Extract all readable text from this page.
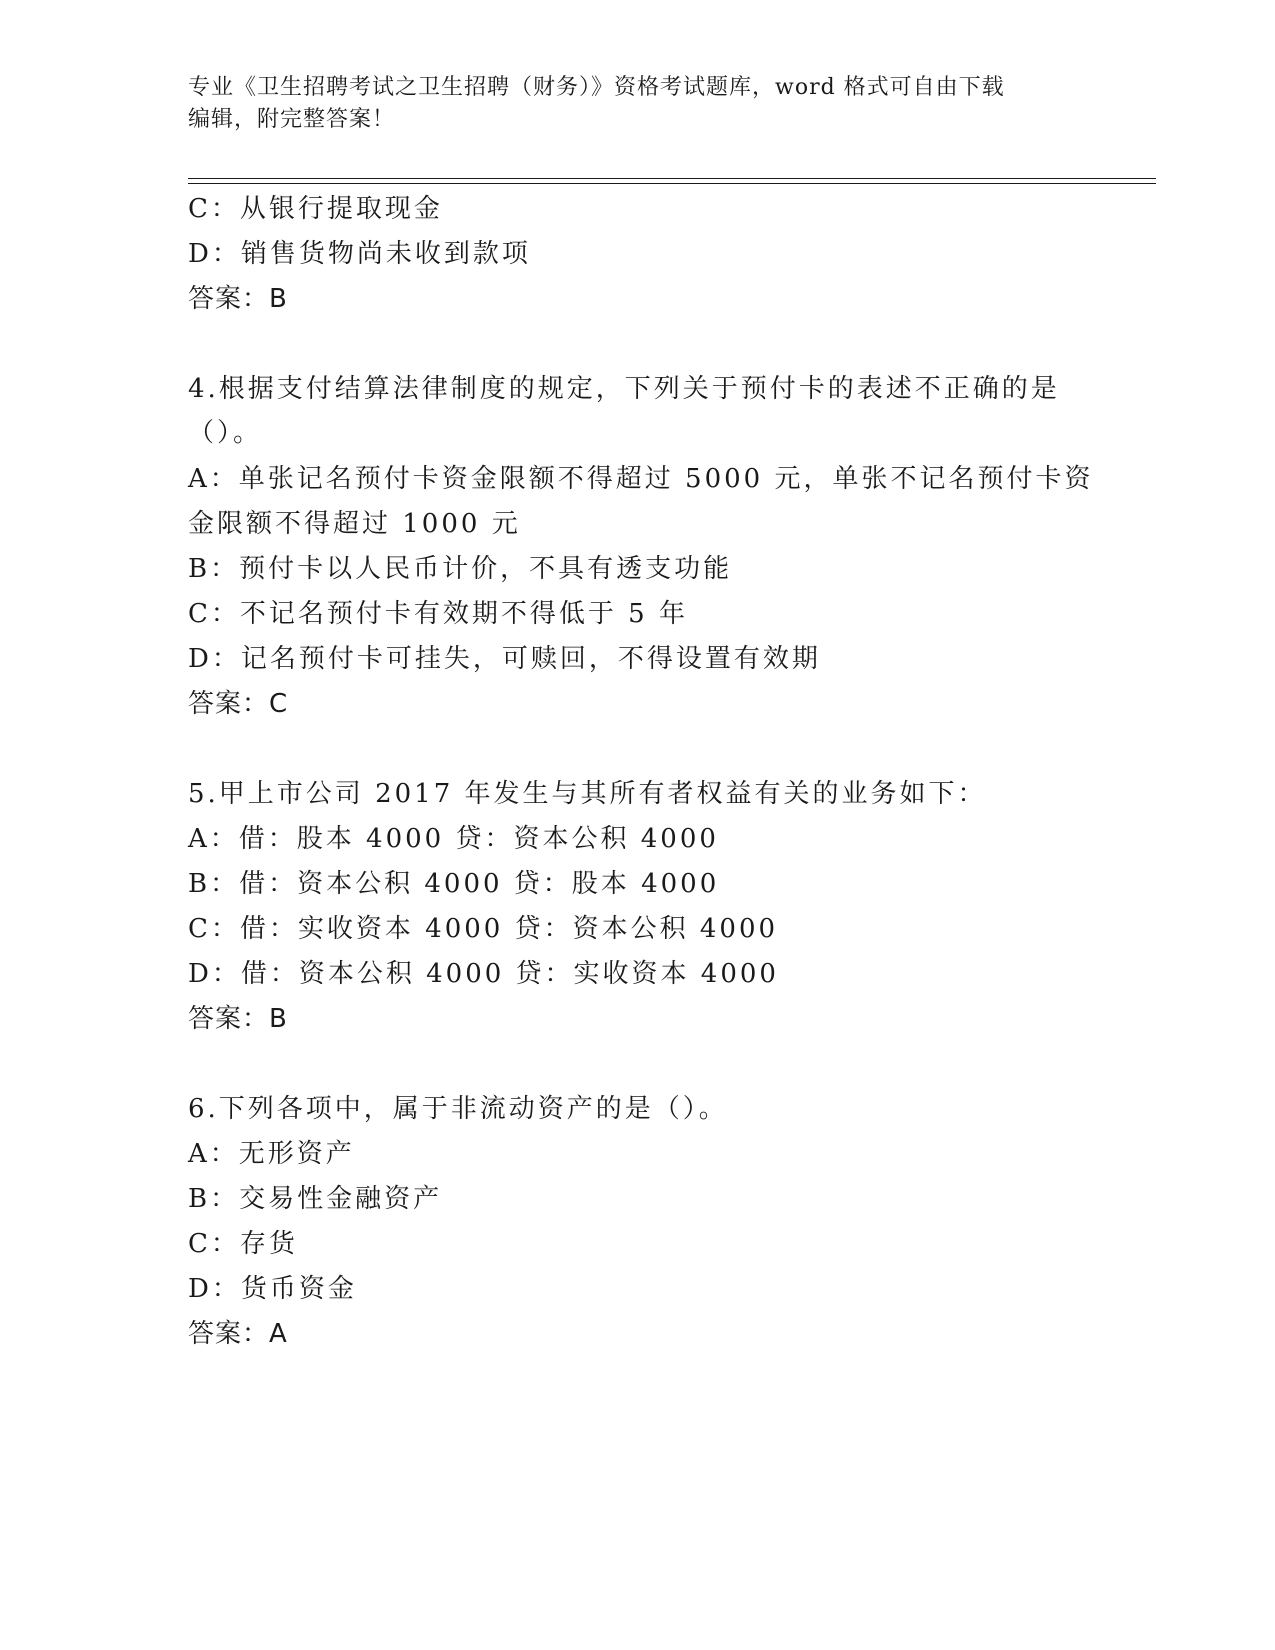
专业《卫生招聘考试之卫生招聘（财务）》资格考试题库，word 格式可自由下载
编辑，附完整答案！
C：从银行提取现金
D：销售货物尚未收到款项
答案：B
4.根据支付结算法律制度的规定，下列关于预付卡的表述不正确的是
（）。
A：单张记名预付卡资金限额不得超过 5000 元，单张不记名预付卡资
金限额不得超过 1000 元
B：预付卡以人民币计价，不具有透支功能
C：不记名预付卡有效期不得低于 5 年
D：记名预付卡可挂失，可赎回，不得设置有效期
答案：C
5.甲上市公司 2017 年发生与其所有者权益有关的业务如下：
A：借：股本 4000 贷：资本公积 4000
B：借：资本公积 4000 贷：股本 4000
C：借：实收资本 4000 贷：资本公积 4000
D：借：资本公积 4000 贷：实收资本 4000
答案：B
6.下列各项中，属于非流动资产的是（）。
A：无形资产
B：交易性金融资产
C：存货
D：货币资金
答案：A
